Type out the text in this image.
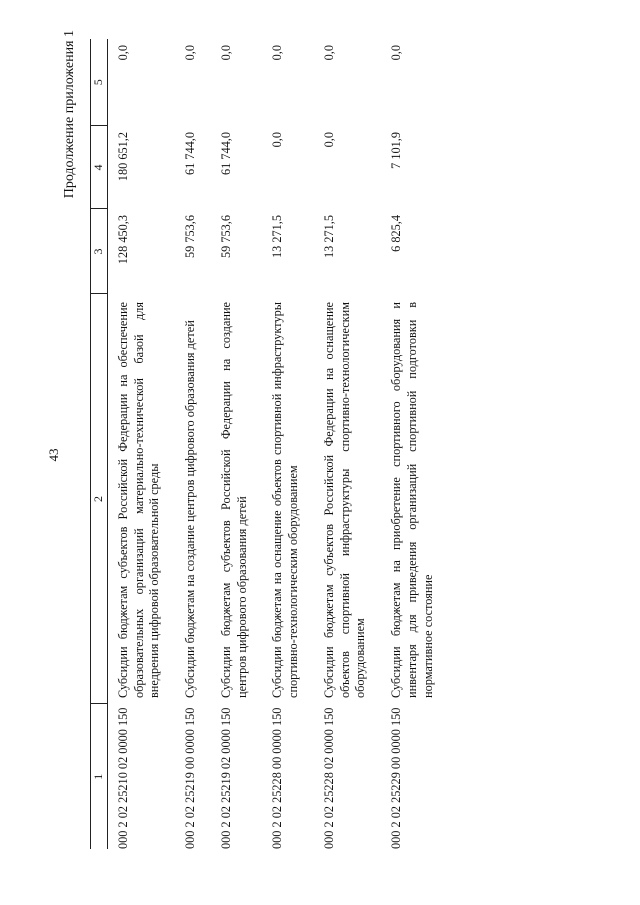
43
Продолжение приложения 1
1	2	3	4	5
000 2 02 25210 02 0000 150	Субсидии бюджетам субъектов Российской Федерации на обеспечение образовательных организаций материально-технической базой для внедрения цифровой образовательной среды	128 450,3	180 651,2	0,0
000 2 02 25219 00 0000 150	Субсидии бюджетам на создание центров цифрового образования детей	59 753,6	61 744,0	0,0
000 2 02 25219 02 0000 150	Субсидии бюджетам субъектов Российской Федерации на создание центров цифрового образования детей	59 753,6	61 744,0	0,0
000 2 02 25228 00 0000 150	Субсидии бюджетам на оснащение объектов спортивной инфраструктуры спортивно-технологическим оборудованием	13 271,5	0,0	0,0
000 2 02 25228 02 0000 150	Субсидии бюджетам субъектов Российской Федерации на оснащение объектов спортивной инфраструктуры спортивно-технологическим оборудованием	13 271,5	0,0	0,0
000 2 02 25229 00 0000 150	Субсидии бюджетам на приобретение спортивного оборудования и инвентаря для приведения организаций спортивной подготовки в нормативное состояние	6 825,4	7 101,9	0,0
